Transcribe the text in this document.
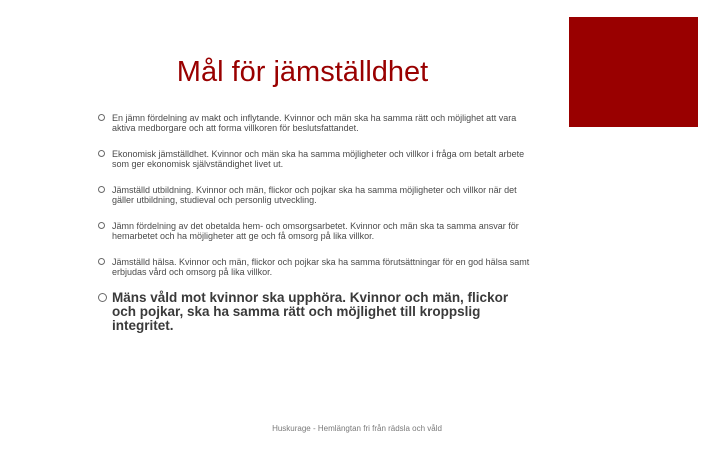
Mål för jämställdhet
En jämn fördelning av makt och inflytande. Kvinnor och män ska ha samma rätt och möjlighet att vara aktiva medborgare och att forma villkoren för beslutsfattandet.
Ekonomisk jämställdhet. Kvinnor och män ska ha samma möjligheter och villkor i fråga om betalt arbete som ger ekonomisk självständighet livet ut.
Jämställd utbildning. Kvinnor och män, flickor och pojkar ska ha samma möjligheter och villkor när det gäller utbildning, studieval och personlig utveckling.
Jämn fördelning av det obetalda hem- och omsorgsarbetet. Kvinnor och män ska ta samma ansvar för hemarbetet och ha möjligheter att ge och få omsorg på lika villkor.
Jämställd hälsa. Kvinnor och män, flickor och pojkar ska ha samma förutsättningar för en god hälsa samt erbjudas vård och omsorg på lika villkor.
Mäns våld mot kvinnor ska upphöra. Kvinnor och män, flickor och pojkar, ska ha samma rätt och möjlighet till kroppslig integritet.
Huskurage - Hemlängtan fri från rädsla och våld
